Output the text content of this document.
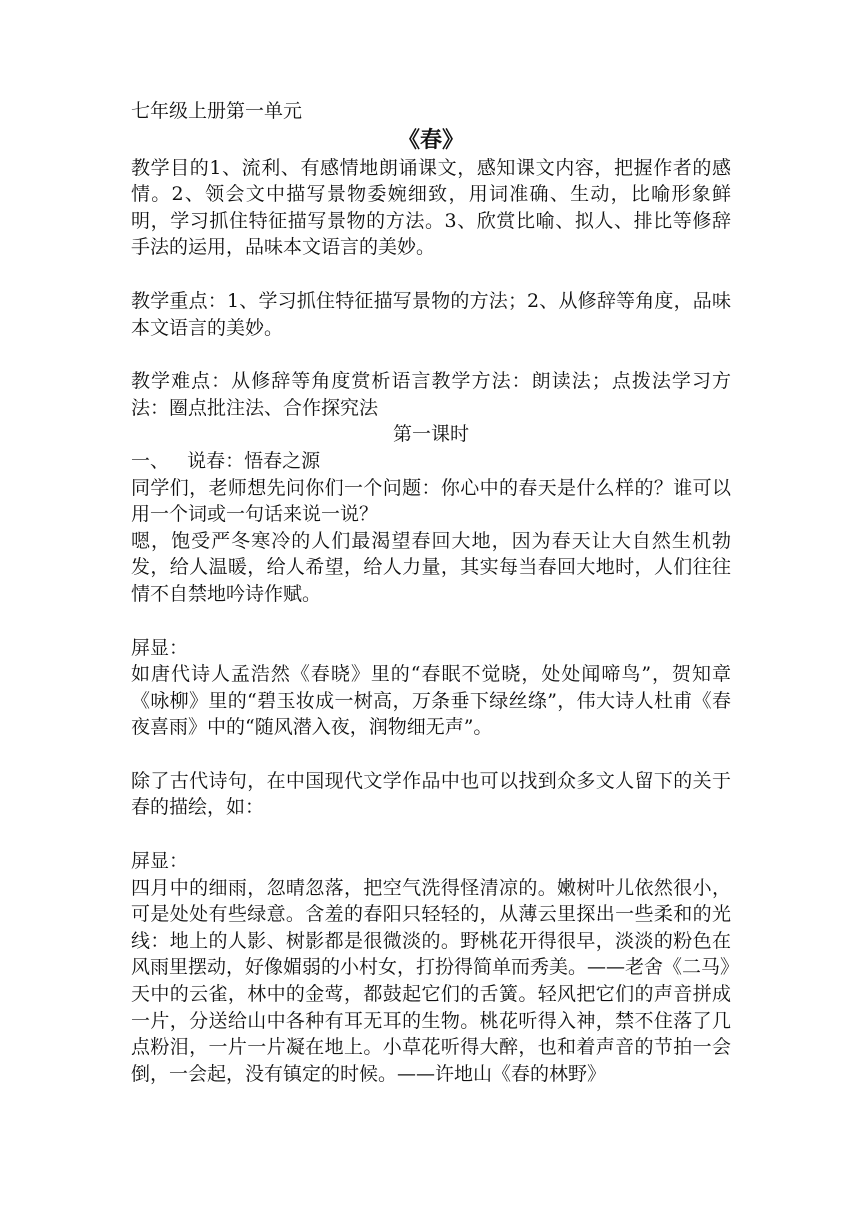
七年级上册第一单元

《春》

教学目的1、流利、有感情地朗诵课文，感知课文内容，把握作者的感情。2、领会文中描写景物委婉细致，用词准确、生动，比喻形象鲜明，学习抓住特征描写景物的方法。3、欣赏比喻、拟人、排比等修辞手法的运用，品味本文语言的美妙。

教学重点：1、学习抓住特征描写景物的方法；2、从修辞等角度，品味本文语言的美妙。

教学难点：从修辞等角度赏析语言教学方法：朗读法；点拨法学习方法：圈点批注法、合作探究法

第一课时

一、   说春：悟春之源

同学们，老师想先问你们一个问题：你心中的春天是什么样的？谁可以用一个词或一句话来说一说？

嗯，饱受严冬寒冷的人们最渴望春回大地，因为春天让大自然生机勃发，给人温暖，给人希望，给人力量，其实每当春回大地时，人们往往情不自禁地吟诗作赋。

屏显：

如唐代诗人孟浩然《春晓》里的“春眠不觉晓，处处闻啼鸟”，贺知章《咏柳》里的“碧玉妆成一树高，万条垂下绿丝绦”，伟大诗人杜甫《春夜喜雨》中的“随风潜入夜，润物细无声”。

除了古代诗句，在中国现代文学作品中也可以找到众多文人留下的关于春的描绘，如：

屏显：

四月中的细雨，忽晴忽落，把空气洗得怪清凉的。嫩树叶儿依然很小，可是处处有些绿意。含羞的春阳只轻轻的，从薄云里探出一些柔和的光线：地上的人影、树影都是很微淡的。野桃花开得很早，淡淡的粉色在风雨里摆动，好像媚弱的小村女，打扮得简单而秀美。——老舍《二马》

天中的云雀，林中的金莺，都鼓起它们的舌簧。轻风把它们的声音拼成一片，分送给山中各种有耳无耳的生物。桃花听得入神，禁不住落了几点粉泪，一片一片凝在地上。小草花听得大醉，也和着声音的节拍一会倒，一会起，没有镇定的时候。——许地山《春的林野》
